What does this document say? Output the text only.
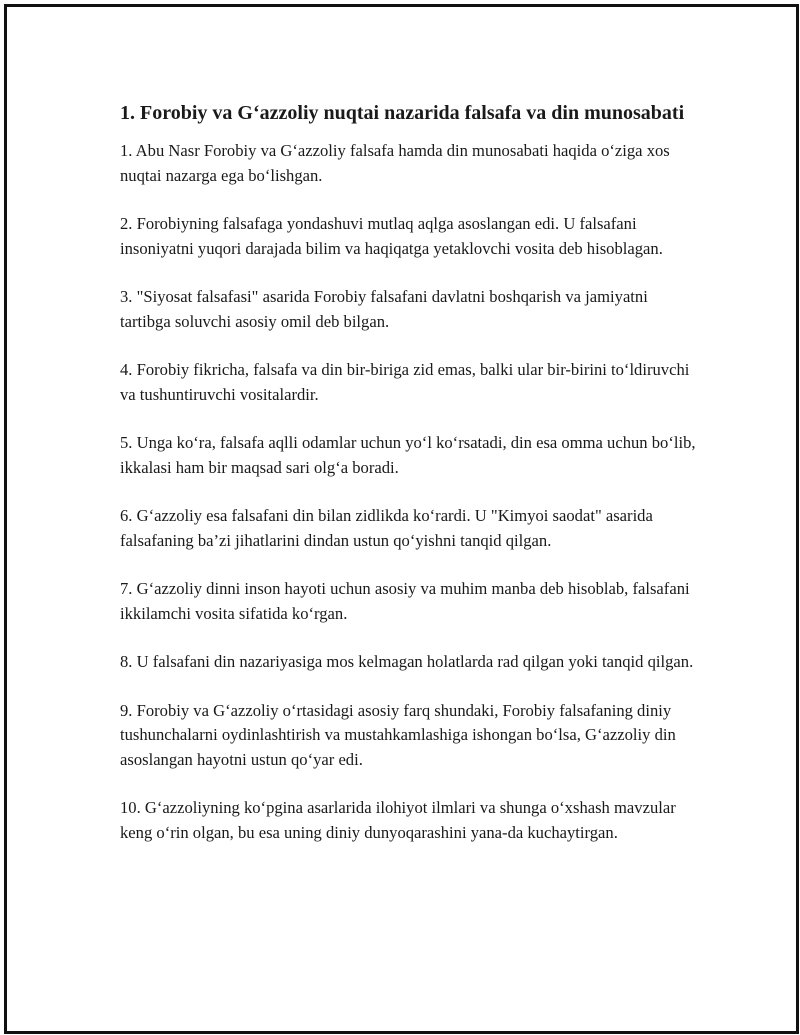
1. Forobiy va G‘azzoliy nuqtai nazarida falsafa va din munosabati

1. Abu Nasr Forobiy va G‘azzoliy falsafa hamda din munosabati haqida o‘ziga xos nuqtai nazarga ega bo‘lishgan.

2. Forobiyning falsafaga yondashuvi mutlaq aqlga asoslangan edi. U falsafani insoniyatni yuqori darajada bilim va haqiqatga yetaklovchi vosita deb hisoblagan.

3. "Siyosat falsafasi" asarida Forobiy falsafani davlatni boshqarish va jamiyatni tartibga soluvchi asosiy omil deb bilgan.

4. Forobiy fikricha, falsafa va din bir-biriga zid emas, balki ular bir-birini to‘ldiruvchi va tushuntiruvchi vositalardir.

5. Unga ko‘ra, falsafa aqlli odamlar uchun yo‘l ko‘rsatadi, din esa omma uchun bo‘lib, ikkalasi ham bir maqsad sari olg‘a boradi.

6. G‘azzoliy esa falsafani din bilan zidlikda ko‘rardi. U "Kimyoi saodat" asarida falsafaning ba’zi jihatlarini dindan ustun qo‘yishni tanqid qilgan.

7. G‘azzoliy dinni inson hayoti uchun asosiy va muhim manba deb hisoblab, falsafani ikkilamchi vosita sifatida ko‘rgan.

8. U falsafani din nazariyasiga mos kelmagan holatlarda rad qilgan yoki tanqid qilgan.

9. Forobiy va G‘azzoliy o‘rtasidagi asosiy farq shundaki, Forobiy falsafaning diniy tushunchalarni oydinlashtirish va mustahkamlashiga ishongan bo‘lsa, G‘azzoliy din asoslangan hayotni ustun qo‘yar edi.

10. G‘azzoliyning ko‘pgina asarlarida ilohiyot ilmlari va shunga o‘xshash mavzular keng o‘rin olgan, bu esa uning diniy dunyoqarashini yana-da kuchaytirgan.
